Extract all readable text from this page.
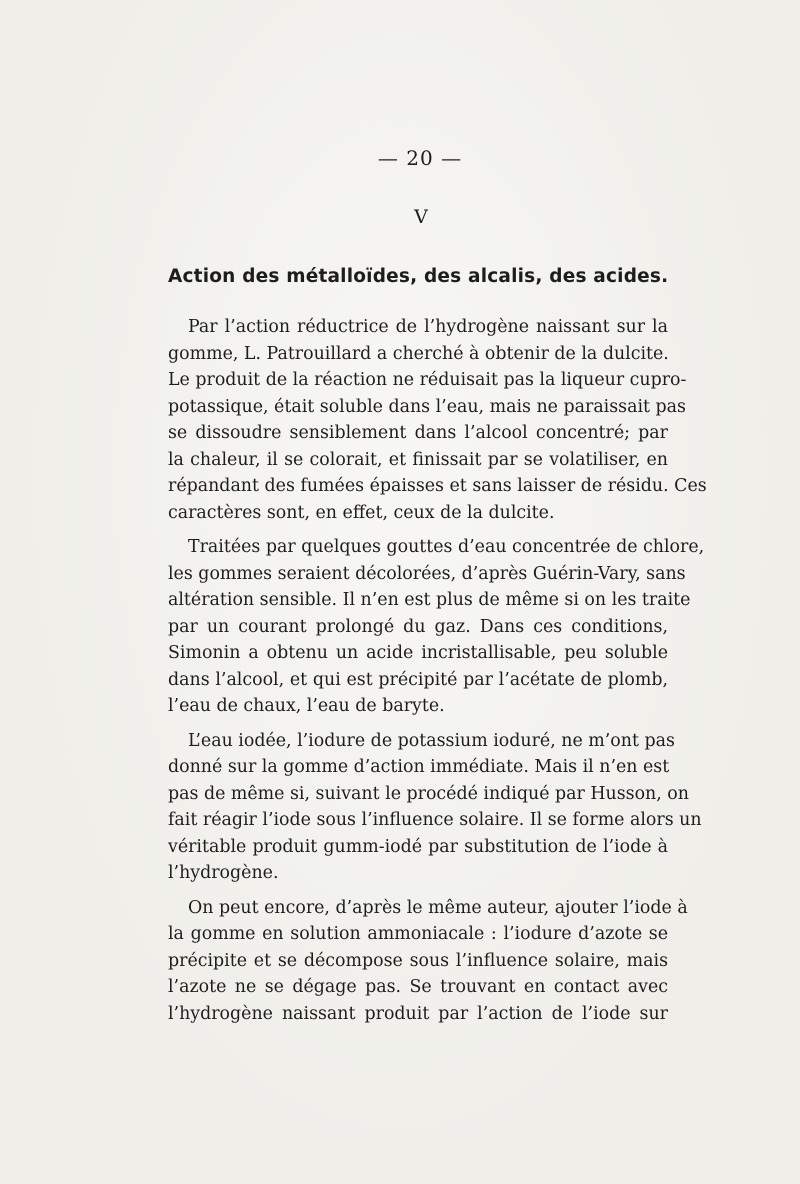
— 20 —
V
Action des métalloïdes, des alcalis, des acides.

Par l’action réductrice de l’hydrogène naissant sur la
gomme, L. Patrouillard a cherché à obtenir de la dulcite.
Le produit de la réaction ne réduisait pas la liqueur cupro-
potassique, était soluble dans l’eau, mais ne paraissait pas
se dissoudre sensiblement dans l’alcool concentré; par
la chaleur, il se colorait, et finissait par se volatiliser, en
répandant des fumées épaisses et sans laisser de résidu. Ces
caractères sont, en effet, ceux de la dulcite.

Traitées par quelques gouttes d’eau concentrée de chlore,
les gommes seraient décolorées, d’après Guérin-Vary, sans
altération sensible. Il n’en est plus de même si on les traite
par un courant prolongé du gaz. Dans ces conditions,
Simonin a obtenu un acide incristallisable, peu soluble
dans l’alcool, et qui est précipité par l’acétate de plomb,
l’eau de chaux, l’eau de baryte.

L’eau iodée, l’iodure de potassium ioduré, ne m’ont pas
donné sur la gomme d’action immédiate. Mais il n’en est
pas de même si, suivant le procédé indiqué par Husson, on
fait réagir l’iode sous l’influence solaire. Il se forme alors un
véritable produit gumm-iodé par substitution de l’iode à
l’hydrogène.

On peut encore, d’après le même auteur, ajouter l’iode à
la gomme en solution ammoniacale : l’iodure d’azote se
précipite et se décompose sous l’influence solaire, mais
l’azote ne se dégage pas. Se trouvant en contact avec
l’hydrogène naissant produit par l’action de l’iode sur
